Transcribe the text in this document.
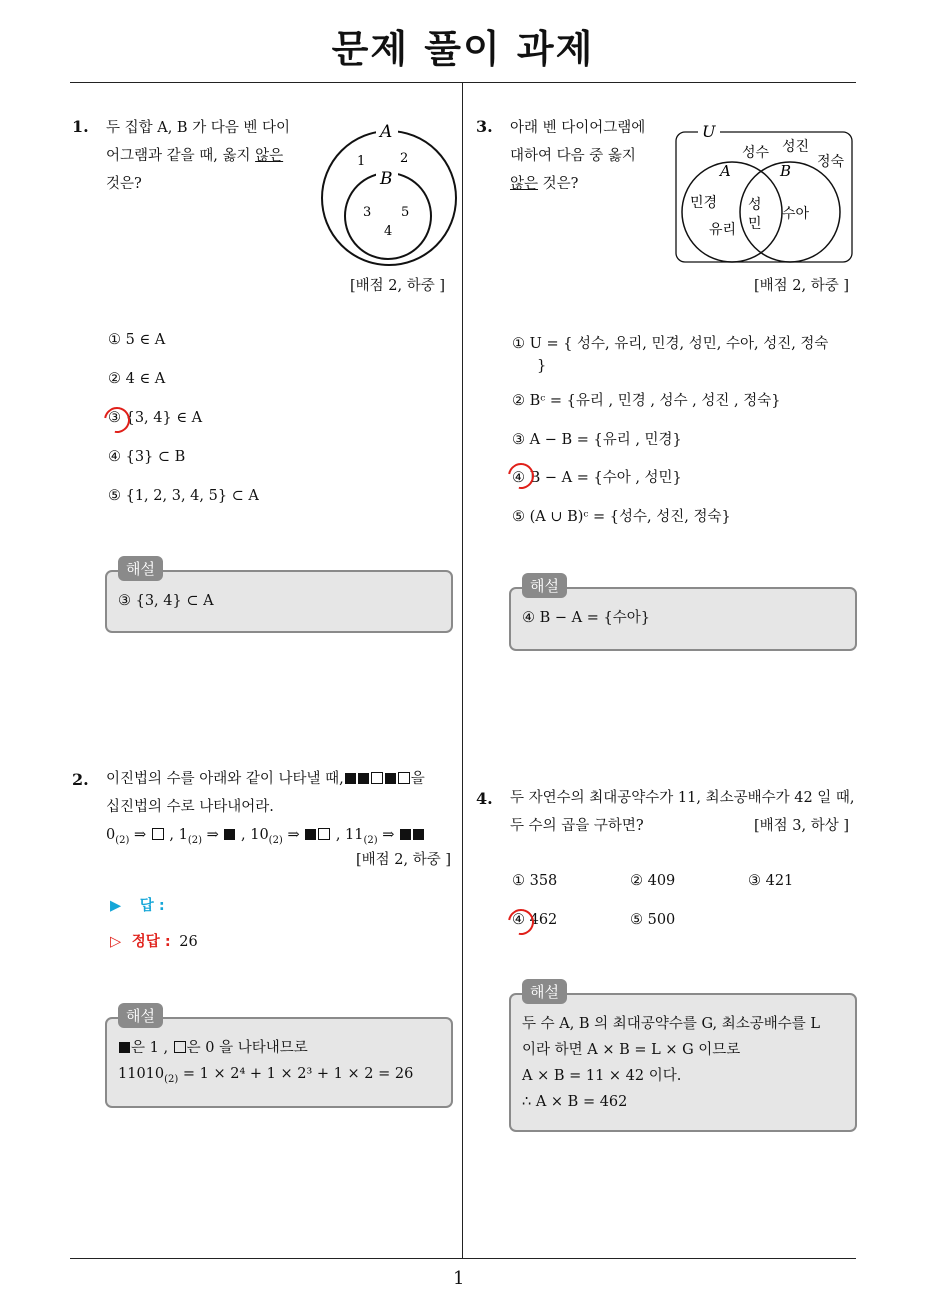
문제 풀이 과제
1
1. 두 집합 A, B 가 다음 벤 다이
어그램과 같을 때, 옳지 않은
것은?
A
B
1	2
3 5
4
[배점 2, 하중 ]
① 5 ∈ A
② 4 ∈ A
③ {3, 4} ∈ A
④ {3} ⊂ B
⑤ {1, 2, 3, 4, 5} ⊂ A
해설
③ {3, 4} ⊂ A
2. 이진법의 수를 아래와 같이 나타낼 때,	을
십진법의 수로 나타내어라.
$0_{(2)}$ ⇒  , $1_{(2)}$ ⇒  , $10_{(2)}$ ⇒  , $11_{(2)}$ ⇒
[배점 2, 하중 ]
▶ 답 :
▷ 정답 : 26
해설
은 1 , 은 0 을 나타내므로
$11010_{(2)} = 1 \times 2^4 + 1 \times 2^3 + 1 \times 2 = 26$
3. 아래 벤 다이어그램에
대하여 다음 중 옳지
않은 것은?
U
A	B
성수 성진
정숙
민경
유리
성
민
수아
[배점 2, 하중 ]
① U = { 성수, 유리, 민경, 성민, 수아, 성진, 정숙
}
② Bᶜ = {유리 , 민경 , 성수 , 성진 , 정숙}
③ A − B = {유리 , 민경}
④ B − A = {수아 , 성민}
⑤ (A ∪ B)ᶜ = {성수, 성진, 정숙}
해설
④ B − A = {수아}
4. 두 자연수의 최대공약수가 11, 최소공배수가 42 일 때,
두 수의 곱을 구하면?	[배점 3, 하상 ]
① 358	② 409	③ 421
④ 462	⑤ 500
해설
두 수 A, B 의 최대공약수를 G, 최소공배수를 L
이라 하면 A × B = L × G 이므로
A × B = 11 × 42 이다.
∴ A × B = 462
